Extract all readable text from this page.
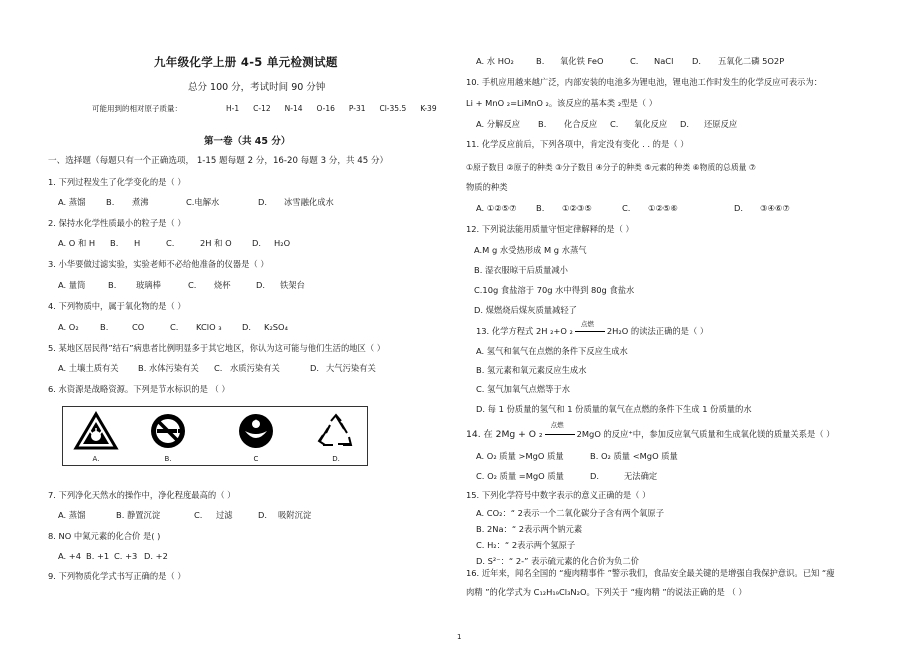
九年级化学上册 4-5 单元检测试题
总分 100 分，考试时间 90 分钟
可能用到的相对原子质量：	H-1 C-12 N-14 O-16 P-31 Cl-35.5 K-39
第一卷（共 45 分）
一、选择题（每题只有一个正确选项， 1-15 题每题 2 分，16-20 每题 3 分，共 45 分）
1. 下列过程发生了化学变化的是（ ）
A. 蒸馏 B. 煮沸	C.电解水	D. 冰雪融化成水
2. 保持水化学性质最小的粒子是（ ）
A. O 和 H B. H	C.	2H 和 O D. H₂O
3. 小华要做过滤实验，实验老师不必给他准备的仪器是（ ）
A. 量筒	B. 玻璃棒	C. 烧杯	D. 铁架台
4. 下列物质中，属于氧化物的是（ ）
A. O₂	B.	CO	C. KClO ₃ D. K₂SO₄
5. 某地区居民得”结石”病患者比例明显多于其它地区，你认为这可能与他们生活的地区（ ）
A. 土壤土质有关 B. 水体污染有关 C. 水质污染有关	D. 大气污染有关
6. 水资源是战略资源。下列是节水标识的是 （ ）
A.	B.	C	D.
7. 下列净化天然水的操作中，净化程度最高的（ ）
A. 蒸馏	B. 静置沉淀	C. 过滤	D. 吸附沉淀
8. NO 中氮元素的化合价 是( )
A. +4 B. +1 C. +3 D. +2
9. 下列物质化学式书写正确的是（ ）
A. 水 HO₂	B. 氧化铁 FeO	C. NaCl D. 五氧化二磷 5O2P
10. 手机应用越来越广泛，内部安装的电池多为锂电池，锂电池工作时发生的化学反应可表示为：
Li + MnO ₂=LiMnO ₂。该反应的基本类 ₂型是（ ）
A. 分解反应 B. 化合反应 C. 氧化反应 D. 还原反应
11. 化学反应前后，下列各项中，肯定没有变化 . . 的是（ ）
①原子数目 ②原子的种类 ③分子数目 ④分子的种类 ⑤元素的种类 ⑥物质的总质量 ⑦
物质的种类
A. ①②⑤⑦ B. ①②③⑤	C. ①②⑤⑥	D. ③④⑥⑦
12. 下列说法能用质量守恒定律解释的是（ ）
A.M g 水受热形成 M g 水蒸气
B. 湿衣服晾干后质量减小
C.10g 食盐溶于 70g 水中得到 80g 食盐水
D. 煤燃烧后煤灰质量减轻了
13. 化学方程式 2H ₂+O ₂
点燃
2H₂O 的读法正确的是（ ）
A. 氢气和氧气在点燃的条件下反应生成水
B. 氢元素和氧元素反应生成水
C. 氢气加氧气点燃等于水
D. 每 1 份质量的氢气和 1 份质量的氧气在点燃的条件下生成 1 份质量的水
14. 在 2Mg + O ₂
点燃
2MgO 的反应⁺中，参加反应氧气质量和生成氧化镁的质量关系是（ ）
A. O₂ 质量 >MgO 质量	B. O₂ 质量 <MgO 质量
C. O₂ 质量 =MgO 质量	D.	无法确定
15. 下列化学符号中数字表示的意义正确的是（ ）
A. CO₂：“ 2表示一个二氧化碳分子含有两个氧原子
B. 2Na：“ 2表示两个钠元素
C. H₂：“ 2表示两个氢原子
D. S²⁻：“ 2-” 表示硫元素的化合价为负二价
16. 近年来，闻名全国的 “瘦肉精事件 ”警示我们，食品安全最关键的是增强自我保护意识。已知 “瘦
肉精 ”的化学式为 C₁₂H₁₉Cl₃N₂O。下列关于 “瘦肉精 ”的说法正确的是 （ ）
1
